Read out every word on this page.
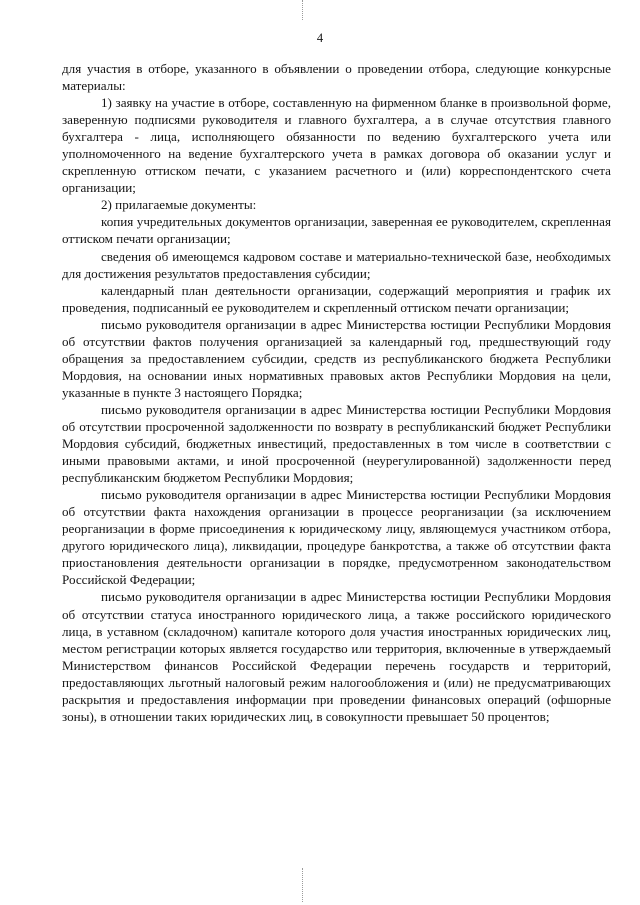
4

для участия в отборе, указанного в объявлении о проведении отбора, следующие конкурсные материалы:

1) заявку на участие в отборе, составленную на фирменном бланке в произвольной форме, заверенную подписями руководителя и главного бухгалтера, а в случае отсутствия главного бухгалтера - лица, исполняющего обязанности по ведению бухгалтерского учета или уполномоченного на ведение бухгалтерского учета в рамках договора об оказании услуг и скрепленную оттиском печати, с указанием расчетного и (или) корреспондентского счета организации;

2) прилагаемые документы:

копия учредительных документов организации, заверенная ее руководителем, скрепленная оттиском печати организации;

сведения об имеющемся кадровом составе и материально-технической базе, необходимых для достижения результатов предоставления субсидии;

календарный план деятельности организации, содержащий мероприятия и график их проведения, подписанный ее руководителем и скрепленный оттиском печати организации;

письмо руководителя организации в адрес Министерства юстиции Республики Мордовия об отсутствии фактов получения организацией за календарный год, предшествующий году обращения за предоставлением субсидии, средств из республиканского бюджета Республики Мордовия, на основании иных нормативных правовых актов Республики Мордовия на цели, указанные в пункте 3 настоящего Порядка;

письмо руководителя организации в адрес Министерства юстиции Республики Мордовия об отсутствии просроченной задолженности по возврату в республиканский бюджет Республики Мордовия субсидий, бюджетных инвестиций, предоставленных в том числе в соответствии с иными правовыми актами, и иной просроченной (неурегулированной) задолженности перед республиканским бюджетом Республики Мордовия;

письмо руководителя организации в адрес Министерства юстиции Республики Мордовия об отсутствии факта нахождения организации в процессе реорганизации (за исключением реорганизации в форме присоединения к юридическому лицу, являющемуся участником отбора, другого юридического лица), ликвидации, процедуре банкротства, а также об отсутствии факта приостановления деятельности организации в порядке, предусмотренном законодательством Российской Федерации;

письмо руководителя организации в адрес Министерства юстиции Республики Мордовия об отсутствии статуса иностранного юридического лица, а также российского юридического лица, в уставном (складочном) капитале которого доля участия иностранных юридических лиц, местом регистрации которых является государство или территория, включенные в утверждаемый Министерством финансов Российской Федерации перечень государств и территорий, предоставляющих льготный налоговый режим налогообложения и (или) не предусматривающих раскрытия и предоставления информации при проведении финансовых операций (офшорные зоны), в отношении таких юридических лиц, в совокупности превышает 50 процентов;
